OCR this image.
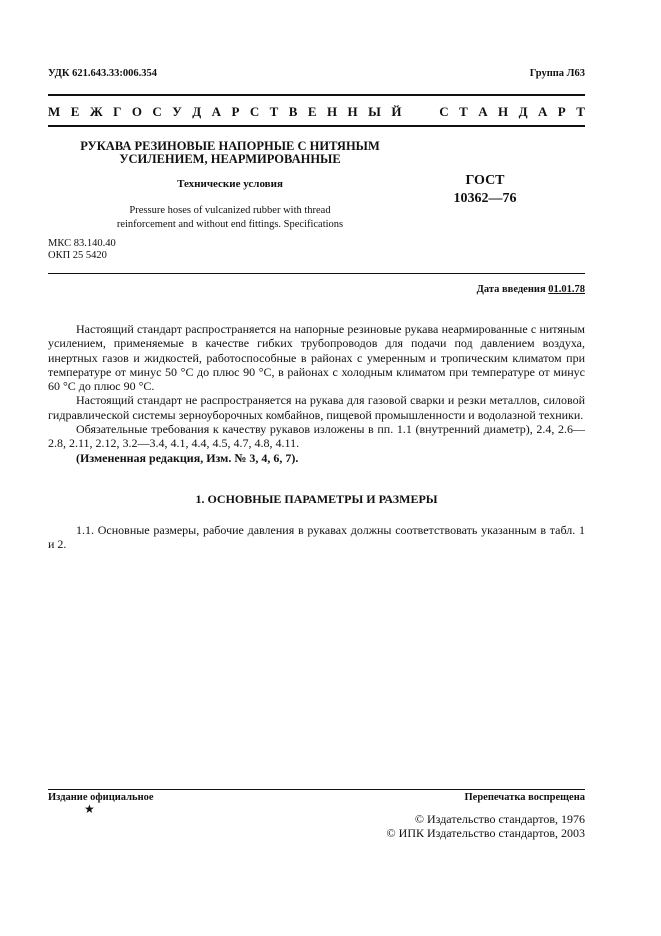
УДК 621.643.33:006.354	Группа Л63
М Е Ж Г О С У Д А Р С Т В Е Н Н Ы Й

	С Т А Н Д А Р Т
РУКАВА РЕЗИНОВЫЕ НАПОРНЫЕ С НИТЯНЫМ
УСИЛЕНИЕМ, НЕАРМИРОВАННЫЕ
Технические условия
Pressure hoses of vulcanized rubber with thread
reinforcement and without end fittings. Specifications
ГОСТ
10362—76
МКС 83.140.40
ОКП 25 5420
Дата введения 01.01.78

Настоящий стандарт распространяется на напорные резиновые рукава неармированные с нитяным усилением, применяемые в качестве гибких трубопроводов для подачи под давлением воздуха, инертных газов и жидкостей, работоспособные в районах с умеренным и тропическим климатом при температуре от минус 50 °С до плюс 90 °С, в районах с холодным климатом при температуре от минус 60 °С до плюс 90 °С.

Настоящий стандарт не распространяется на рукава для газовой сварки и резки металлов, силовой гидравлической системы зерноуборочных комбайнов, пищевой промышленности и водолазной техники.

Обязательные требования к качеству рукавов изложены в пп. 1.1 (внутренний диаметр), 2.4, 2.6—2.8, 2.11, 2.12, 3.2—3.4, 4.1, 4.4, 4.5, 4.7, 4.8, 4.11.

(Измененная редакция, Изм. № 3, 4, 6, 7).

1. ОСНОВНЫЕ ПАРАМЕТРЫ И РАЗМЕРЫ

1.1. Основные размеры, рабочие давления в рукавах должны соответствовать указанным в табл. 1 и 2.

Издание официальное	Перепечатка воспрещена
★
© Издательство стандартов, 1976
© ИПК Издательство стандартов, 2003
